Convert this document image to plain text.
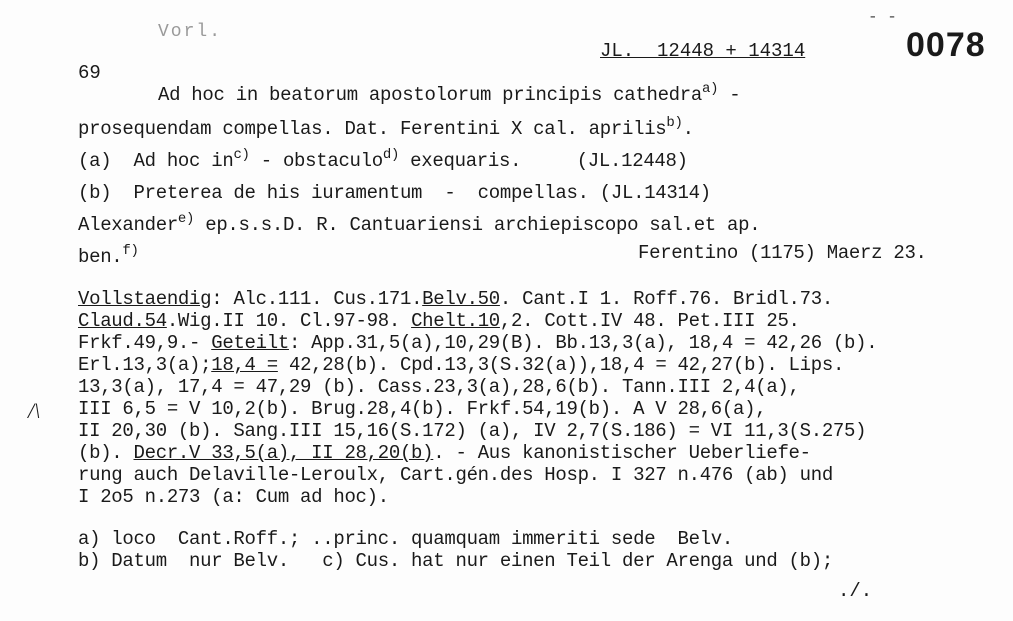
Vorl.
- -
JL.  12448 + 14314	0078
69
Ad hoc in beatorum apostolorum principis cathedra$^{a)}$ -
prosequendam compellas. Dat. Ferentini X cal. aprilis$^{b)}$.
(a)  Ad hoc $in^{c)}$ - obstaculo$^{d)}$ exequaris.     (JL.12448)
(b)  Preterea de his iuramentum  -  compellas. (JL.14314)
Alexander$^{e)}$ ep.s.s.D. R. Cantuariensi archiepiscopo sal.et ap.
ben.$^{f)}$	Ferentino (1175) Maerz 23.
Vollstaendig: Alc.111. Cus.171.Belv.50. Cant.I 1. Roff.76. Bridl.73.
Claud.54.Wig.II 10. Cl.97-98. Chelt.10,2. Cott.IV 48. Pet.III 25.
Frkf.49,9.- Geteilt: App.31,5(a),10,29(B). Bb.13,3(a), 18,4 = 42,26 (b).
Erl.13,3(a);18,4 = 42,28(b). Cpd.13,3(S.32(a)),18,4 = 42,27(b). Lips.
13,3(a), 17,4 = 47,29 (b). Cass.23,3(a),28,6(b). Tann.III 2,4(a),
III 6,5 = V 10,2(b). Brug.28,4(b). Frkf.54,19(b). A V 28,6(a),
II 20,30 (b). Sang.III 15,16(S.172) (a), IV 2,7(S.186) = VI 11,3(S.275)
(b). Decr.V 33,5(a), II 28,20(b). - Aus kanonistischer Ueberliefe-
rung auch Delaville-Leroulx, Cart.gén.des Hosp. I 327 n.476 (ab) und
I 2o5 n.273 (a: Cum ad hoc).
/\
a) loco  Cant.Roff.; ..princ. quamquam immeriti sede  Belv.
b) Datum  nur Belv.   c) Cus. hat nur einen Teil der Arenga und (b);
./.
